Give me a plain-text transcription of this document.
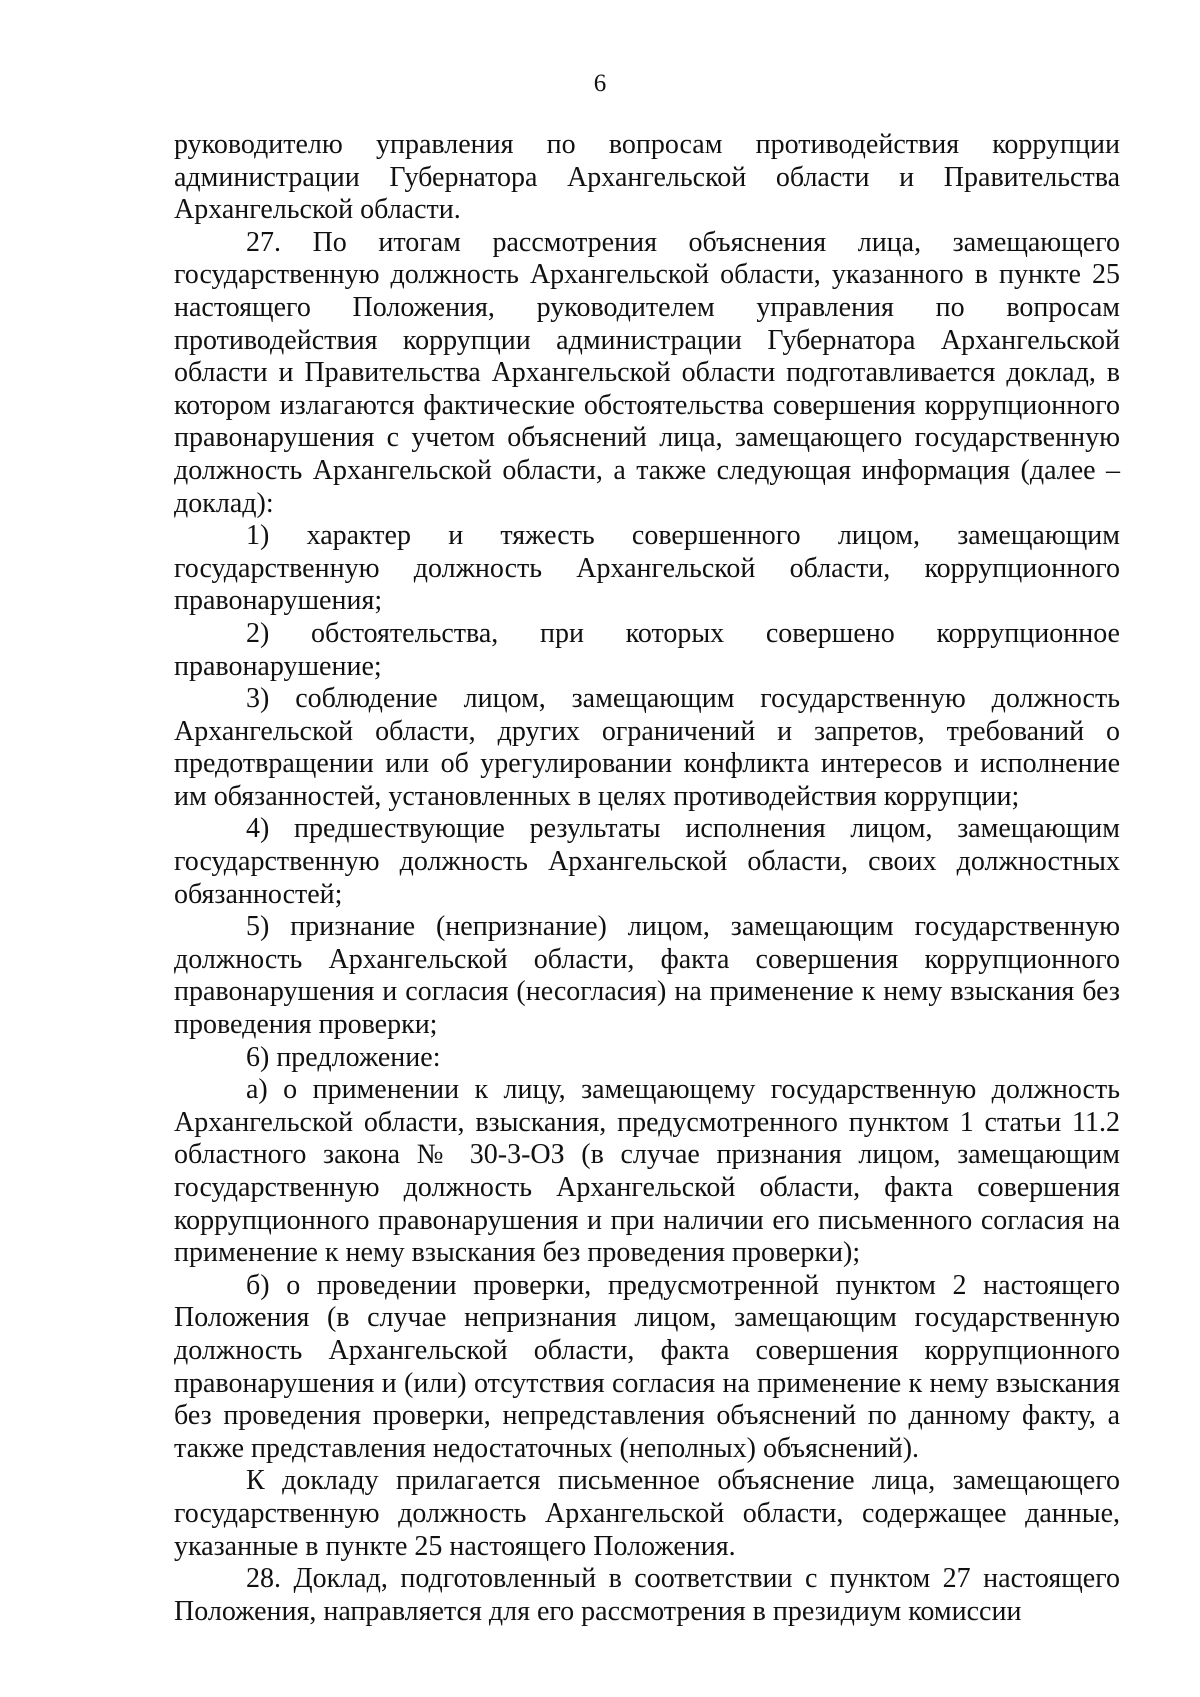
6

руководителю управления по вопросам противодействия коррупции администрации Губернатора Архангельской области и Правительства Архангельской области.

27. По итогам рассмотрения объяснения лица, замещающего государственную должность Архангельской области, указанного в пункте 25 настоящего Положения, руководителем управления по вопросам противодействия коррупции администрации Губернатора Архангельской области и Правительства Архангельской области подготавливается доклад, в котором излагаются фактические обстоятельства совершения коррупционного правонарушения с учетом объяснений лица, замещающего государственную должность Архангельской области, а также следующая информация (далее – доклад):

1) характер и тяжесть совершенного лицом, замещающим государственную должность Архангельской области, коррупционного правонарушения;

2) обстоятельства, при которых совершено коррупционное правонарушение;

3) соблюдение лицом, замещающим государственную должность Архангельской области, других ограничений и запретов, требований о предотвращении или об урегулировании конфликта интересов и исполнение им обязанностей, установленных в целях противодействия коррупции;

4) предшествующие результаты исполнения лицом, замещающим государственную должность Архангельской области, своих должностных обязанностей;

5) признание (непризнание) лицом, замещающим государственную должность Архангельской области, факта совершения коррупционного правонарушения и согласия (несогласия) на применение к нему взыскания без проведения проверки;

6) предложение:

а) о применении к лицу, замещающему государственную должность Архангельской области, взыскания, предусмотренного пунктом 1 статьи 11.2 областного закона № 30-3-ОЗ (в случае признания лицом, замещающим государственную должность Архангельской области, факта совершения коррупционного правонарушения и при наличии его письменного согласия на применение к нему взыскания без проведения проверки);

б) о проведении проверки, предусмотренной пунктом 2 настоящего Положения (в случае непризнания лицом, замещающим государственную должность Архангельской области, факта совершения коррупционного правонарушения и (или) отсутствия согласия на применение к нему взыскания без проведения проверки, непредставления объяснений по данному факту, а также представления недостаточных (неполных) объяснений).

К докладу прилагается письменное объяснение лица, замещающего государственную должность Архангельской области, содержащее данные, указанные в пункте 25 настоящего Положения.

28. Доклад, подготовленный в соответствии с пунктом 27 настоящего Положения, направляется для его рассмотрения в президиум комиссии
